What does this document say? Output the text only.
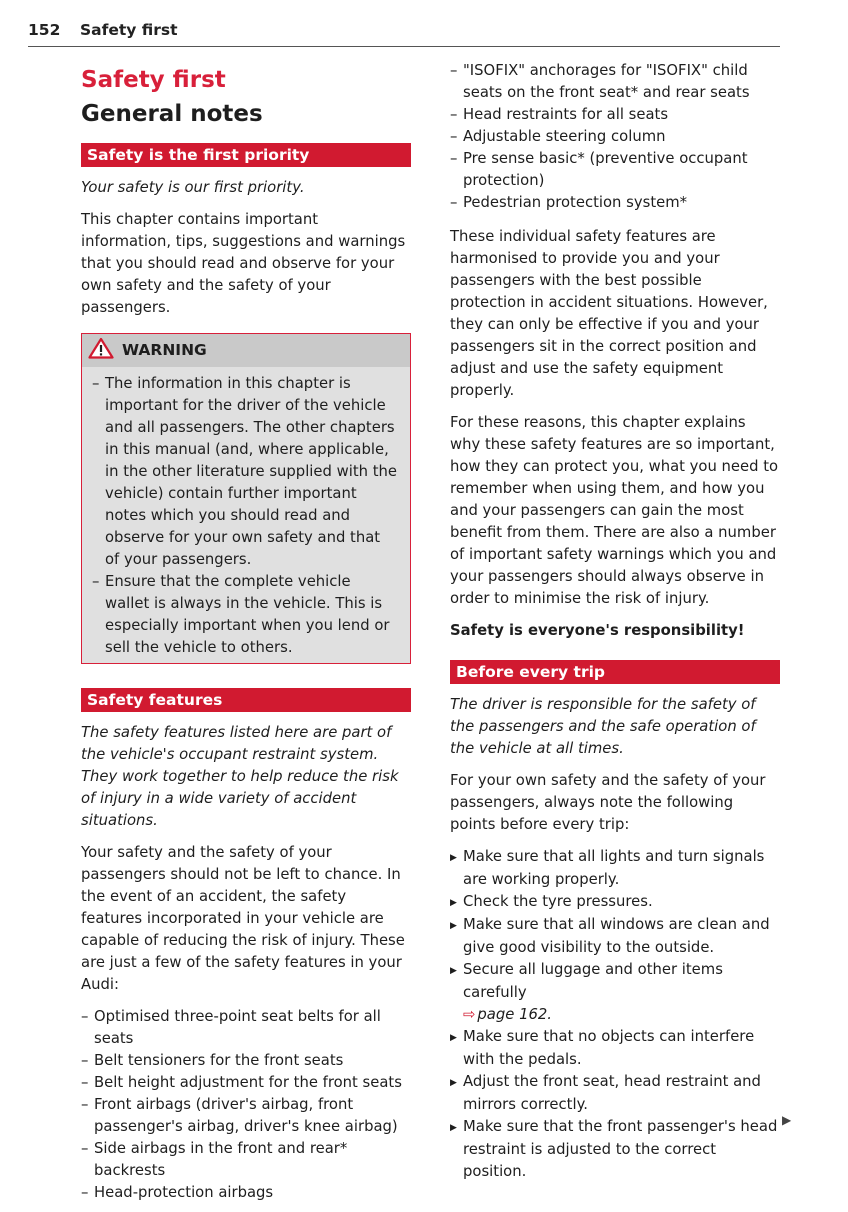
152 Safety first
Safety first
General notes
Safety is the first priority

Your safety is our first priority.

This chapter contains important information, tips, suggestions and warnings that you should read and observe for your own safety and the safety of your passengers.

WARNING
– The information in this chapter is important for the driver of the vehicle and all passengers. The other chapters in this manual (and, where applicable, in the other literature supplied with the vehicle) contain further important notes which you should read and observe for your own safety and that of your passengers.
– Ensure that the complete vehicle wallet is always in the vehicle. This is especially important when you lend or sell the vehicle to others.
Safety features

The safety features listed here are part of the vehicle's occupant restraint system. They work together to help reduce the risk of injury in a wide variety of accident situations.

Your safety and the safety of your passengers should not be left to chance. In the event of an accident, the safety features incorporated in your vehicle are capable of reducing the risk of injury. These are just a few of the safety features in your Audi:

– Optimised three-point seat belts for all seats
– Belt tensioners for the front seats
– Belt height adjustment for the front seats
– Front airbags (driver's airbag, front passenger's airbag, driver's knee airbag)
– Side airbags in the front and rear* backrests
– Head-protection airbags
– "ISOFIX" anchorages for "ISOFIX" child seats on the front seat* and rear seats
– Head restraints for all seats
– Adjustable steering column
– Pre sense basic* (preventive occupant protection)
– Pedestrian protection system*

These individual safety features are harmonised to provide you and your passengers with the best possible protection in accident situations. However, they can only be effective if you and your passengers sit in the correct position and adjust and use the safety equipment properly.

For these reasons, this chapter explains why these safety features are so important, how they can protect you, what you need to remember when using them, and how you and your passengers can gain the most benefit from them. There are also a number of important safety warnings which you and your passengers should always observe in order to minimise the risk of injury.

Safety is everyone's responsibility!

Before every trip

The driver is responsible for the safety of the passengers and the safe operation of the vehicle at all times.

For your own safety and the safety of your passengers, always note the following points before every trip:

▶ Make sure that all lights and turn signals are working properly.
▶ Check the tyre pressures.
▶ Make sure that all windows are clean and give good visibility to the outside.
▶ Secure all luggage and other items carefully
⇨ page 162.
▶ Make sure that no objects can interfere with the pedals.
▶ Adjust the front seat, head restraint and mirrors correctly.
▶ Make sure that the front passenger's head restraint is adjusted to the correct position.
▶
